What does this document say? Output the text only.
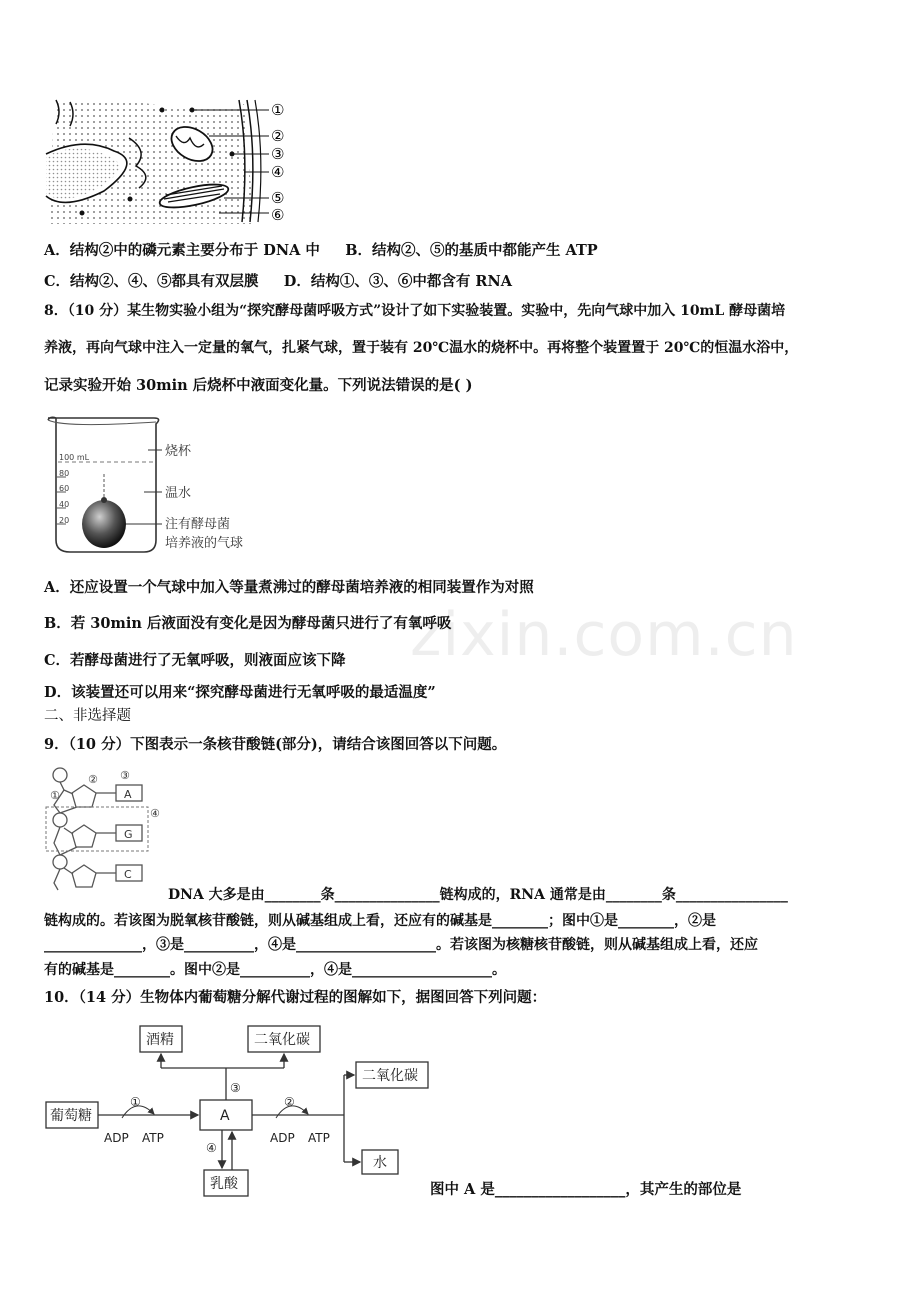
zixin.com.cn
①
②
③
④
⑤
⑥
A．结构②中的磷元素主要分布于 DNA 中 B．结构②、⑤的基质中都能产生 ATP
C．结构②、④、⑤都具有双层膜 D．结构①、③、⑥中都含有 RNA
8．（10 分）某生物实验小组为“探究酵母菌呼吸方式”设计了如下实验装置。实验中，先向气球中加入 10mL 酵母菌培
养液，再向气球中注入一定量的氧气，扎紧气球，置于装有 20℃温水的烧杯中。再将整个装置置于 20℃的恒温水浴中，
记录实验开始 30min 后烧杯中液面变化量。下列说法错误的是( )
100 mL
80
60
40
20
烧杯
温水
注有酵母菌
培养液的气球
A．还应设置一个气球中加入等量煮沸过的酵母菌培养液的相同装置作为对照
B．若 30min 后液面没有变化是因为酵母菌只进行了有氧呼吸
C．若酵母菌进行了无氧呼吸，则液面应该下降
D．该装置还可以用来“探究酵母菌进行无氧呼吸的最适温度”
二、非选择题
9．（10 分）下图表示一条核苷酸链(部分)，请结合该图回答以下问题。
A
G
C
①
② ③
④
DNA 大多是由________条_______________链构成的，RNA 通常是由________条________________
链构成的。若该图为脱氧核苷酸链，则从碱基组成上看，还应有的碱基是________；图中①是________，②是
______________，③是__________，④是____________________。若该图为核糖核苷酸链，则从碱基组成上看，还应
有的碱基是________。图中②是__________，④是____________________。
10．（14 分）生物体内葡萄糖分解代谢过程的图解如下，据图回答下列问题：
葡萄糖	A
酒精	二氧化碳
二氧化碳
水
乳酸
①
ADP ATP
③
②
ADP ATP
④
图中 A 是__________________，其产生的部位是
